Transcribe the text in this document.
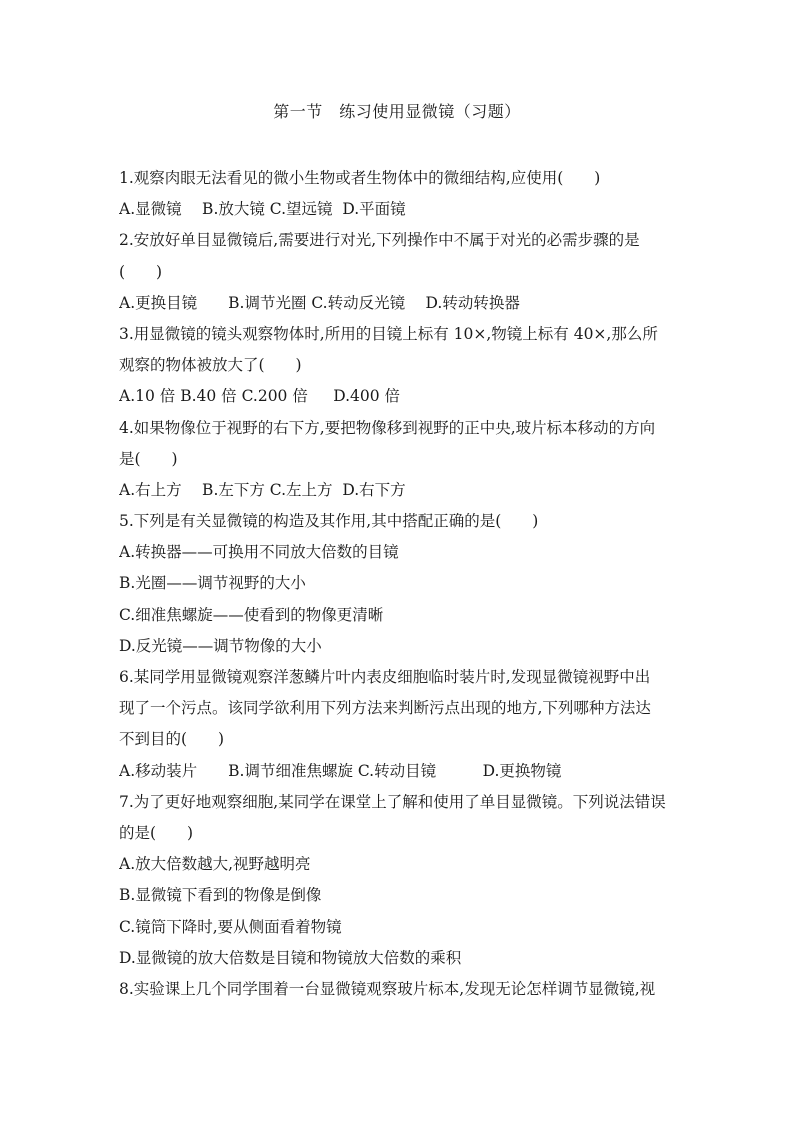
第一节　练习使用显微镜（习题）
1.观察肉眼无法看见的微小生物或者生物体中的微细结构,应使用(　　)
A.显微镜　 B.放大镜 C.望远镜  D.平面镜
2.安放好单目显微镜后,需要进行对光,下列操作中不属于对光的必需步骤的是
(　　)
A.更换目镜　　B.调节光圈 C.转动反光镜　 D.转动转换器
3.用显微镜的镜头观察物体时,所用的目镜上标有 10×,物镜上标有 40×,那么所
观察的物体被放大了(　　)
A.10 倍 B.40 倍 C.200 倍 　 D.400 倍
4.如果物像位于视野的右下方,要把物像移到视野的正中央,玻片标本移动的方向
是(　　)
A.右上方　 B.左下方 C.左上方  D.右下方
5.下列是有关显微镜的构造及其作用,其中搭配正确的是(　　)
A.转换器——可换用不同放大倍数的目镜
B.光圈——调节视野的大小
C.细准焦螺旋——使看到的物像更清晰
D.反光镜——调节物像的大小
6.某同学用显微镜观察洋葱鳞片叶内表皮细胞临时装片时,发现显微镜视野中出
现了一个污点。该同学欲利用下列方法来判断污点出现的地方,下列哪种方法达
不到目的(　　)
A.移动装片　　B.调节细准焦螺旋 C.转动目镜　　　D.更换物镜
7.为了更好地观察细胞,某同学在课堂上了解和使用了单目显微镜。下列说法错误
的是(　　)
A.放大倍数越大,视野越明亮
B.显微镜下看到的物像是倒像
C.镜筒下降时,要从侧面看着物镜
D.显微镜的放大倍数是目镜和物镜放大倍数的乘积
8.实验课上几个同学围着一台显微镜观察玻片标本,发现无论怎样调节显微镜,视
